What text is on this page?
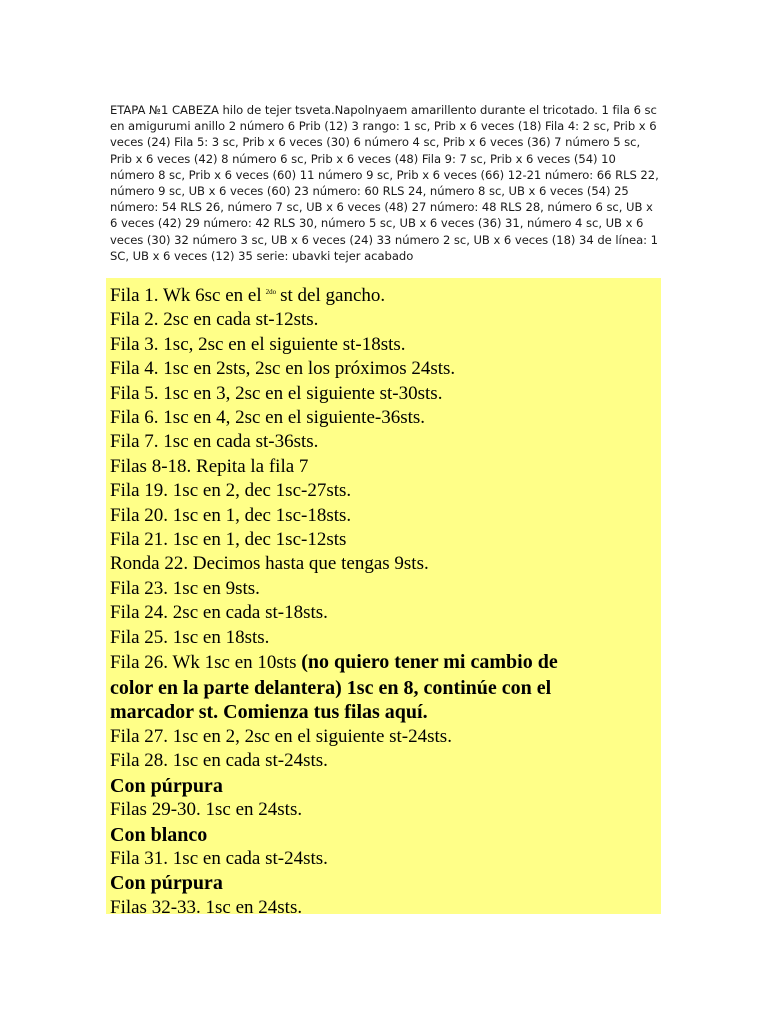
ETAPA №1 CABEZA hilo de tejer tsveta.Napolnyaem amarillento durante el tricotado. 1 fila 6 sc en amigurumi anillo 2 número 6 Prib (12) 3 rango: 1 sc, Prib x 6 veces (18) Fila 4: 2 sc, Prib x 6 veces (24) Fila 5: 3 sc, Prib x 6 veces (30) 6 número 4 sc, Prib x 6 veces (36) 7 número 5 sc, Prib x 6 veces (42) 8 número 6 sc, Prib x 6 veces (48) Fila 9: 7 sc, Prib x 6 veces (54) 10 número 8 sc, Prib x 6 veces (60) 11 número 9 sc, Prib x 6 veces (66) 12-21 número: 66 RLS 22, número 9 sc, UB x 6 veces (60) 23 número: 60 RLS 24, número 8 sc, UB x 6 veces (54) 25 número: 54 RLS 26, número 7 sc, UB x 6 veces (48) 27 número: 48 RLS 28, número 6 sc, UB x 6 veces (42) 29 número: 42 RLS 30, número 5 sc, UB x 6 veces (36) 31, número 4 sc, UB x 6 veces (30) 32 número 3 sc, UB x 6 veces (24) 33 número 2 sc, UB x 6 veces (18) 34 de línea: 1 SC, UB x 6 veces (12) 35 serie: ubavki tejer acabado
Fila 1. Wk 6sc en el $^{2do}$ st del gancho.
Fila 2. 2sc en cada st-12sts.
Fila 3. 1sc, 2sc en el siguiente st-18sts.
Fila 4. 1sc en 2sts, 2sc en los próximos 24sts.
Fila 5. 1sc en 3, 2sc en el siguiente st-30sts.
Fila 6. 1sc en 4, 2sc en el siguiente-36sts.
Fila 7. 1sc en cada st-36sts.
Filas 8-18. Repita la fila 7
Fila 19. 1sc en 2, dec 1sc-27sts.
Fila 20. 1sc en 1, dec 1sc-18sts.
Fila 21. 1sc en 1, dec 1sc-12sts
Ronda 22. Decimos hasta que tengas 9sts.
Fila 23. 1sc en 9sts.
Fila 24. 2sc en cada st-18sts.
Fila 25. 1sc en 18sts.
Fila 26. Wk 1sc en 10sts (no quiero tener mi cambio de
color en la parte delantera) 1sc en 8, continúe con el
marcador st. Comienza tus filas aquí.
Fila 27. 1sc en 2, 2sc en el siguiente st-24sts.
Fila 28. 1sc en cada st-24sts.
Con púrpura
Filas 29-30. 1sc en 24sts.
Con blanco
Fila 31. 1sc en cada st-24sts.
Con púrpura
Filas 32-33. 1sc en 24sts.
